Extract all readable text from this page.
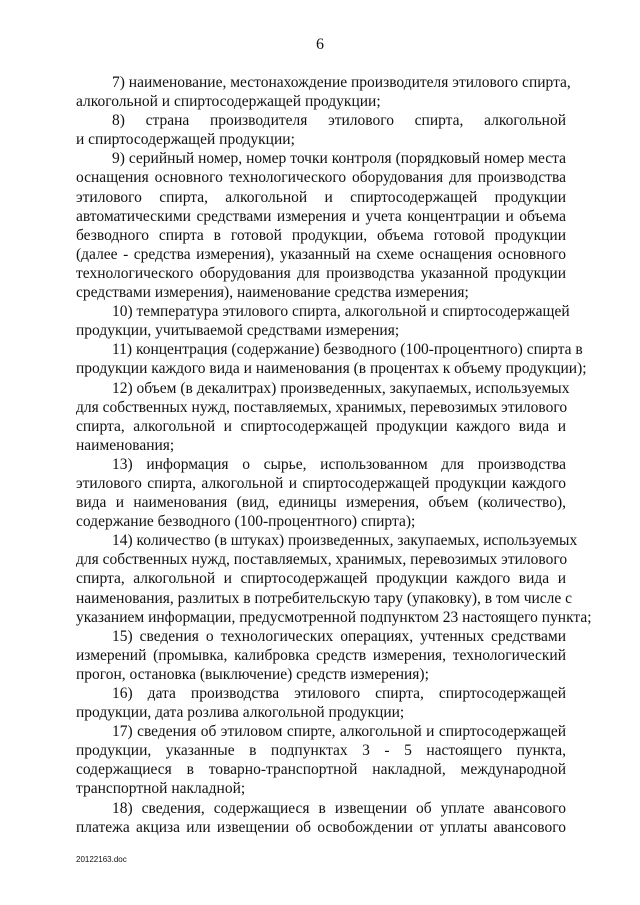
6

7) наименование, местонахождение производителя этилового спирта,
алкогольной и спиртосодержащей продукции;

8) страна производителя этилового спирта, алкогольной
и спиртосодержащей продукции;

9) серийный номер, номер точки контроля (порядковый номер места
оснащения основного технологического оборудования для производства
этилового спирта, алкогольной и спиртосодержащей продукции
автоматическими средствами измерения и учета концентрации и объема
безводного спирта в готовой продукции, объема готовой продукции
(далее - средства измерения), указанный на схеме оснащения основного
технологического оборудования для производства указанной продукции
средствами измерения), наименование средства измерения;

10) температура этилового спирта, алкогольной и спиртосодержащей
продукции, учитываемой средствами измерения;

11) концентрация (содержание) безводного (100-процентного) спирта в
продукции каждого вида и наименования (в процентах к объему продукции);

12) объем (в декалитрах) произведенных, закупаемых, используемых
для собственных нужд, поставляемых, хранимых, перевозимых этилового
спирта, алкогольной и спиртосодержащей продукции каждого вида и
наименования;

13) информация о сырье, использованном для производства
этилового спирта, алкогольной и спиртосодержащей продукции каждого
вида и наименования (вид, единицы измерения, объем (количество),
содержание безводного (100-процентного) спирта);

14) количество (в штуках) произведенных, закупаемых, используемых
для собственных нужд, поставляемых, хранимых, перевозимых этилового
спирта, алкогольной и спиртосодержащей продукции каждого вида и
наименования, разлитых в потребительскую тару (упаковку), в том числе с
указанием информации, предусмотренной подпунктом 23 настоящего пункта;

15) сведения о технологических операциях, учтенных средствами
измерений (промывка, калибровка средств измерения, технологический
прогон, остановка (выключение) средств измерения);

16) дата производства этилового спирта, спиртосодержащей
продукции, дата розлива алкогольной продукции;

17) сведения об этиловом спирте, алкогольной и спиртосодержащей
продукции, указанные в подпунктах 3 - 5 настоящего пункта,
содержащиеся в товарно-транспортной накладной, международной
транспортной накладной;

18) сведения, содержащиеся в извещении об уплате авансового
платежа акциза или извещении об освобождении от уплаты авансового

20122163.doc
